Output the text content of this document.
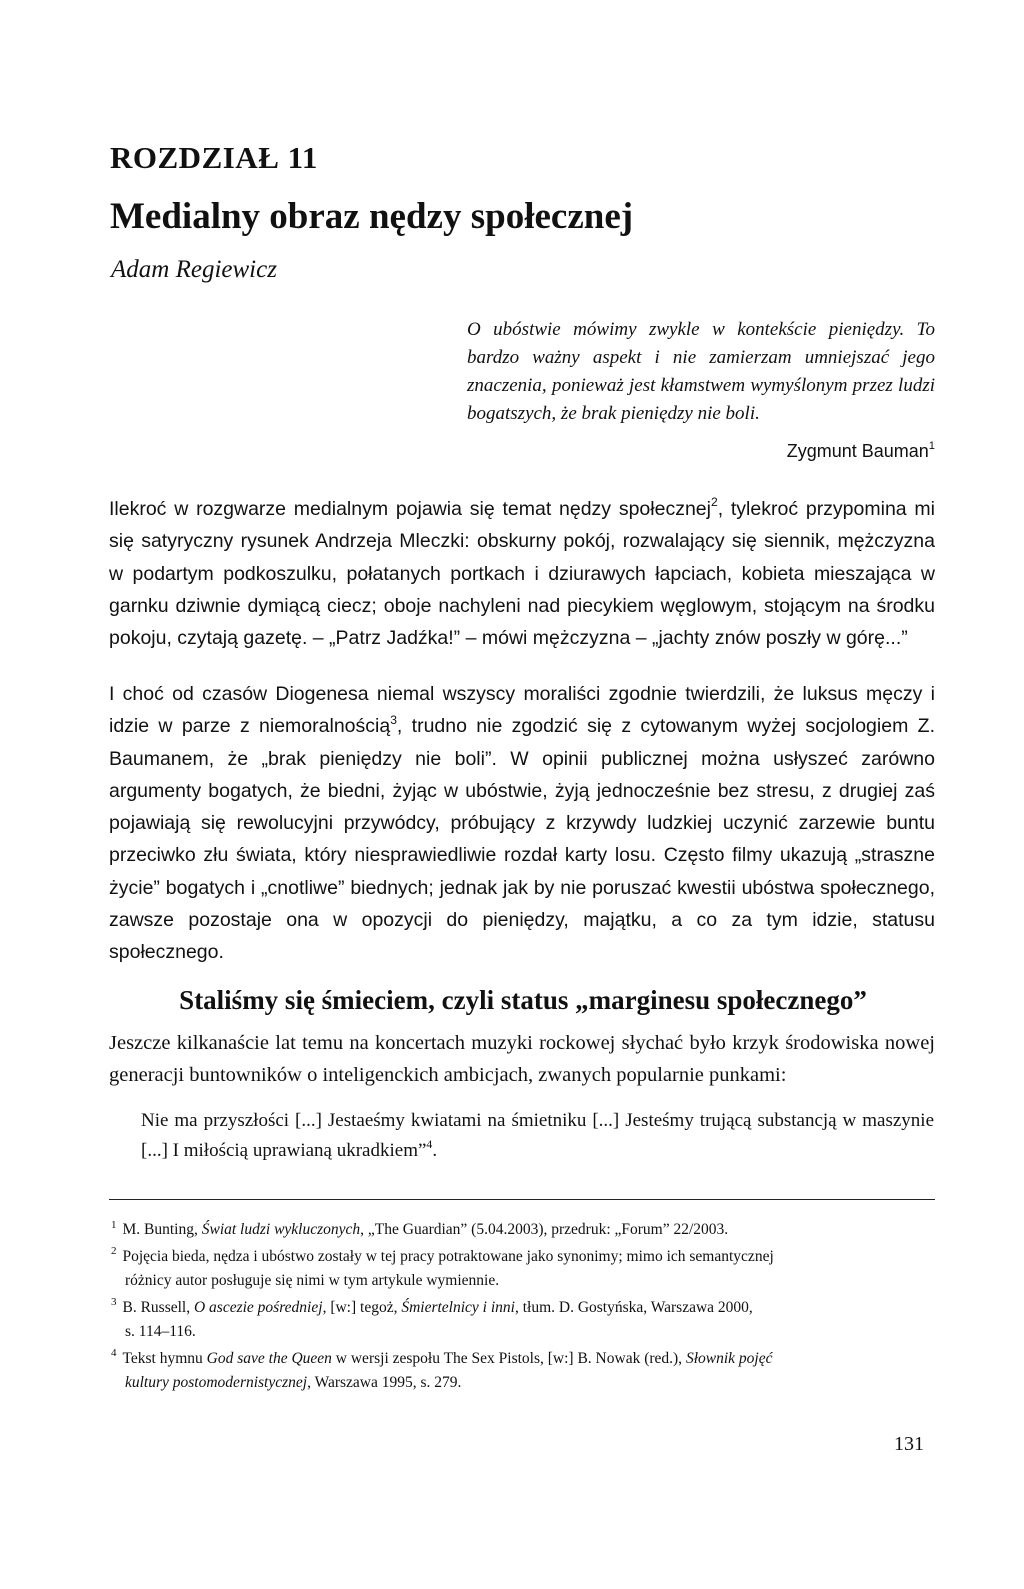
ROZDZIAŁ 11
Medialny obraz nędzy społecznej
Adam Regiewicz
O ubóstwie mówimy zwykle w kontekście pieniędzy. To bardzo ważny aspekt i nie zamierzam umniejszać jego znaczenia, ponieważ jest kłamstwem wymyślonym przez ludzi bogatszych, że brak pieniędzy nie boli.
Zygmunt Bauman$^1$
Ilekroć w rozgwarze medialnym pojawia się temat nędzy społecznej$^2$, tylekroć przypomina mi się satyryczny rysunek Andrzeja Mleczki: obskurny pokój, rozwalający się siennik, mężczyzna w podartym podkoszulku, połatanych portkach i dziurawych łapciach, kobieta mieszająca w garnku dziwnie dymiącą ciecz; oboje nachyleni nad piecykiem węglowym, stojącym na środku pokoju, czytają gazetę. – „Patrz Jadźka!” – mówi mężczyzna – „jachty znów poszły w górę...”
I choć od czasów Diogenesa niemal wszyscy moraliści zgodnie twierdzili, że luksus męczy i idzie w parze z niemoralnością$^3$, trudno nie zgodzić się z cytowanym wyżej socjologiem Z. Baumanem, że „brak pieniędzy nie boli”. W opinii publicznej można usłyszeć zarówno argumenty bogatych, że biedni, żyjąc w ubóstwie, żyją jednocześnie bez stresu, z drugiej zaś pojawiają się rewolucyjni przywódcy, próbujący z krzywdy ludzkiej uczynić zarzewie buntu przeciwko złu świata, który niesprawiedliwie rozdał karty losu. Często filmy ukazują „straszne życie” bogatych i „cnotliwe” biednych; jednak jak by nie poruszać kwestii ubóstwa społecznego, zawsze pozostaje ona w opozycji do pieniędzy, majątku, a co za tym idzie, statusu społecznego.
Staliśmy się śmieciem, czyli status „marginesu społecznego”
Jeszcze kilkanaście lat temu na koncertach muzyki rockowej słychać było krzyk środowiska nowej generacji buntowników o inteligenckich ambicjach, zwanych popularnie punkami:
Nie ma przyszłości [...] Jestaeśmy kwiatami na śmietniku [...] Jesteśmy trującą substancją w maszynie [...] I miłością uprawianą ukradkiem”$^4$.
$^1$ M. Bunting, Świat ludzi wykluczonych, „The Guardian” (5.04.2003), przedruk: „Forum” 22/2003.
$^2$ Pojęcia bieda, nędza i ubóstwo zostały w tej pracy potraktowane jako synonimy; mimo ich semantycznej
różnicy autor posługuje się nimi w tym artykule wymiennie.
$^3$ B. Russell, O ascezie pośredniej, [w:] tegoż, Śmiertelnicy i inni, tłum. D. Gostyńska, Warszawa 2000,
s. 114–116.
$^4$ Tekst hymnu God save the Queen w wersji zespołu The Sex Pistols, [w:] B. Nowak (red.), Słownik pojęć
kultury postomodernistycznej, Warszawa 1995, s. 279.
131
